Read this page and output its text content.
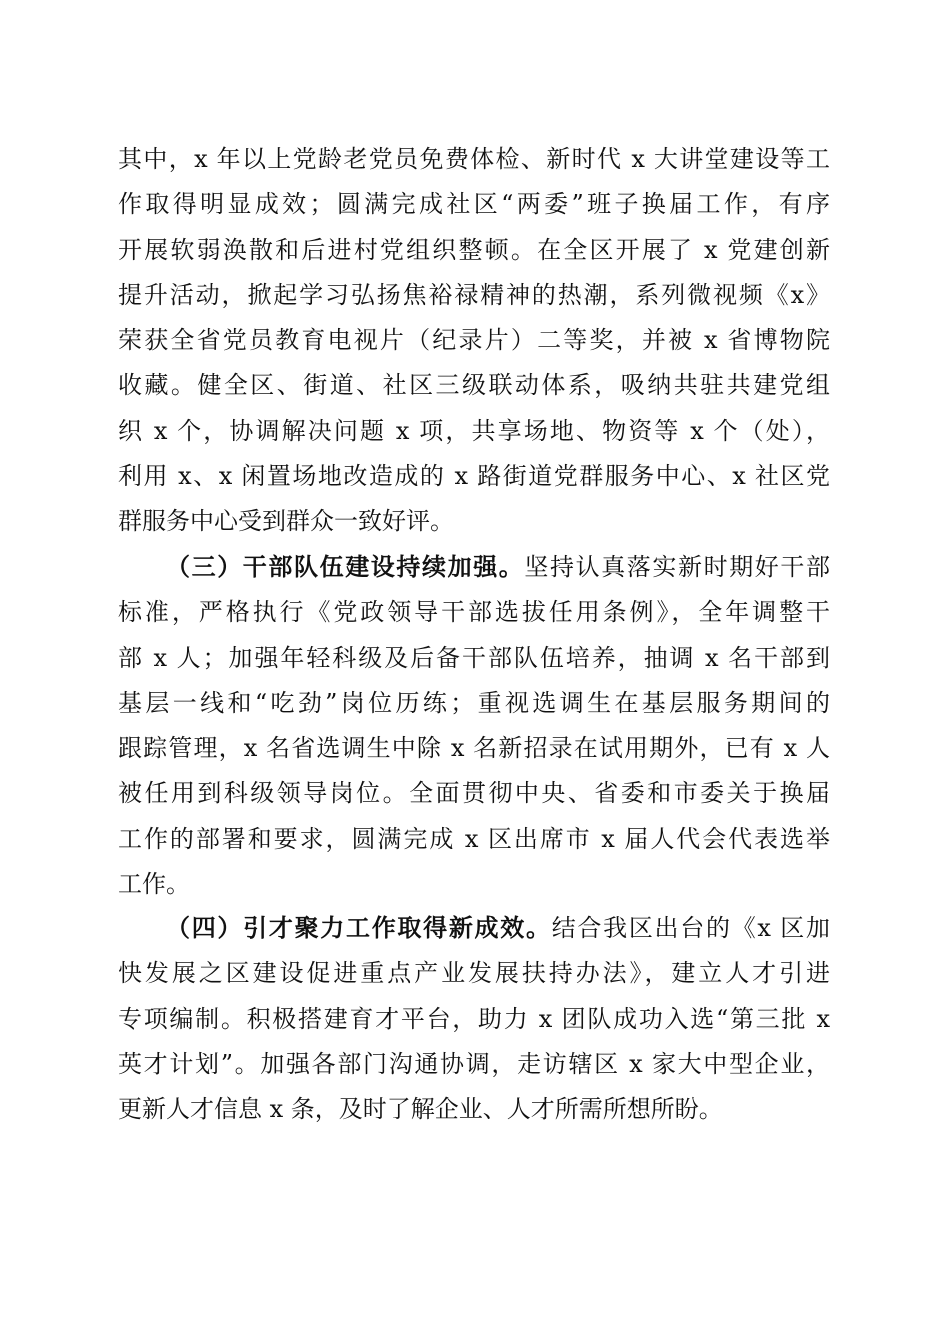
其中，x 年以上党龄老党员免费体检、新时代 x 大讲堂建设等工
作取得明显成效；圆满完成社区“两委”班子换届工作，有序
开展软弱涣散和后进村党组织整顿。在全区开展了 x 党建创新
提升活动，掀起学习弘扬焦裕禄精神的热潮，系列微视频《x》
荣获全省党员教育电视片（纪录片）二等奖，并被 x 省博物院
收藏。健全区、街道、社区三级联动体系，吸纳共驻共建党组
织 x 个，协调解决问题 x 项，共享场地、物资等 x 个（处），
利用 x、x 闲置场地改造成的 x 路街道党群服务中心、x 社区党
群服务中心受到群众一致好评。
（三）干部队伍建设持续加强。坚持认真落实新时期好干部
标准，严格执行《党政领导干部选拔任用条例》，全年调整干
部 x 人；加强年轻科级及后备干部队伍培养，抽调 x 名干部到
基层一线和“吃劲”岗位历练；重视选调生在基层服务期间的
跟踪管理，x 名省选调生中除 x 名新招录在试用期外，已有 x 人
被任用到科级领导岗位。全面贯彻中央、省委和市委关于换届
工作的部署和要求，圆满完成 x 区出席市 x 届人代会代表选举
工作。
（四）引才聚力工作取得新成效。结合我区出台的《x 区加
快发展之区建设促进重点产业发展扶持办法》，建立人才引进
专项编制。积极搭建育才平台，助力 x 团队成功入选“第三批 x
英才计划”。加强各部门沟通协调，走访辖区 x 家大中型企业，
更新人才信息 x 条，及时了解企业、人才所需所想所盼。
